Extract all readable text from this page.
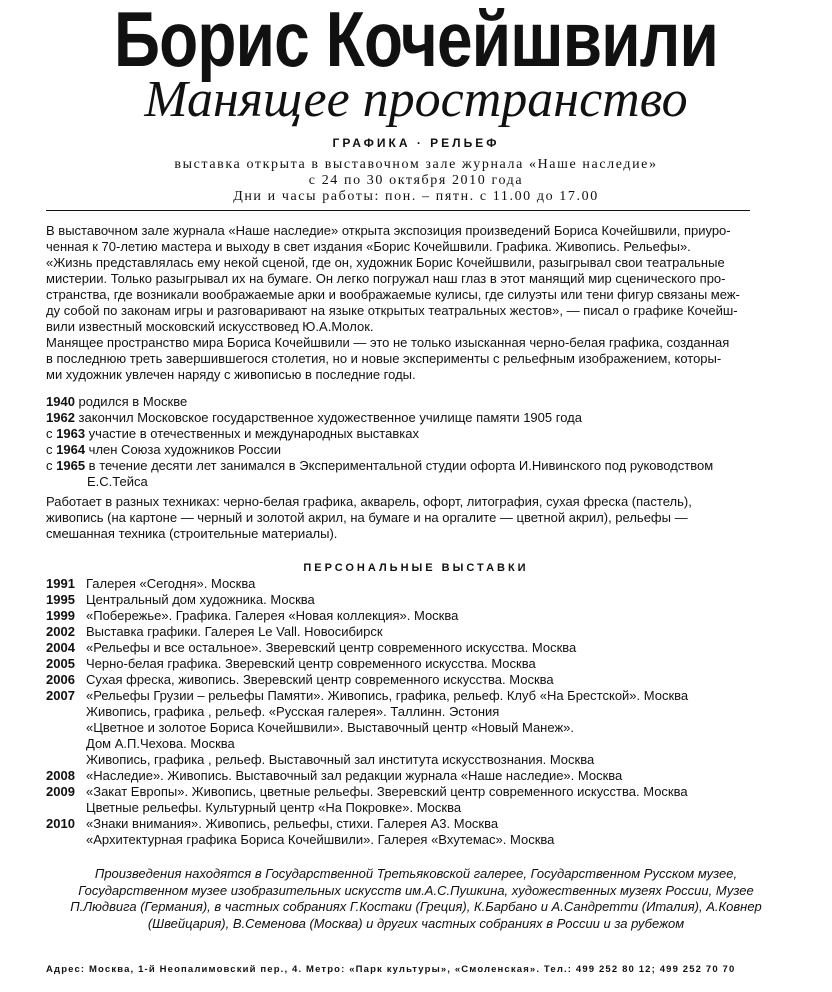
Борис Кочейшвили
Манящее пространство
ГРАФИКА · РЕЛЬЕФ
выставка открыта в выставочном зале журнала «Наше наследие»
с 24 по 30 октября 2010 года
Дни и часы работы: пон. – пятн. с 11.00 до 17.00
В выставочном зале журнала «Наше наследие» открыта экспозиция произведений Бориса Кочейшвили, приуро-
ченная к 70-летию мастера и выходу в свет издания «Борис Кочейшвили. Графика. Живопись. Рельефы».
«Жизнь представлялась ему некой сценой, где он, художник Борис Кочейшвили, разыгрывал свои театральные
мистерии. Только разыгрывал их на бумаге. Он легко погружал наш глаз в этот манящий мир сценического про-
странства, где возникали воображаемые арки и воображаемые кулисы, где силуэты или тени фигур связаны меж-
ду собой по законам игры и разговаривают на языке открытых театральных жестов», — писал о графике Кочейш-
вили известный московский искусствовед Ю.А.Молок.
Манящее пространство мира Бориса Кочейшвили — это не только изысканная черно-белая графика, созданная
в последнюю треть завершившегося столетия, но и новые эксперименты с рельефным изображением, которы-
ми художник увлечен наряду с живописью в последние годы.
1940 родился в Москве
1962 закончил Московское государственное художественное училище памяти 1905 года
с 1963 участие в отечественных и международных выставках
с 1964 член Союза художников России
с 1965 в течение десяти лет занимался в Экспериментальной студии офорта И.Нивинского под руководством
Е.С.Тейса
Работает в разных техниках: черно-белая графика, акварель, офорт, литография, сухая фреска (пастель),
живопись (на картоне — черный и золотой акрил, на бумаге и на оргалите — цветной акрил), рельефы —
смешанная техника (строительные материалы).
ПЕРСОНАЛЬНЫЕ ВЫСТАВКИ
1991 Галерея «Сегодня». Москва
1995 Центральный дом художника. Москва
1999 «Побережье». Графика. Галерея «Новая коллекция». Москва
2002 Выставка графики. Галерея Le Vall. Новосибирск
2004 «Рельефы и все остальное». Зверевский центр современного искусства. Москва
2005 Черно-белая графика. Зверевский центр современного искусства. Москва
2006 Сухая фреска, живопись. Зверевский центр современного искусства. Москва
2007 «Рельефы Грузии – рельефы Памяти». Живопись, графика, рельеф. Клуб «На Брестской». Москва
Живопись, графика , рельеф. «Русская галерея». Таллинн. Эстония
«Цветное и золотое Бориса Кочейшвили». Выставочный центр «Новый Манеж».
Дом А.П.Чехова. Москва
Живопись, графика , рельеф. Выставочный зал института искусствознания. Москва
2008 «Наследие». Живопись. Выставочный зал редакции журнала «Наше наследие». Москва
2009 «Закат Европы». Живопись, цветные рельефы. Зверевский центр современного искусства. Москва
Цветные рельефы. Культурный центр «На Покровке». Москва
2010 «Знаки внимания». Живопись, рельефы, стихи. Галерея А3. Москва
«Архитектурная графика Бориса Кочейшвили». Галерея «Вхутемас». Москва
Произведения находятся в Государственной Третьяковской галерее, Государственном Русском музее,
Государственном музее изобразительных искусств им.А.С.Пушкина, художественных музеях России, Музее
П.Людвига (Германия), в частных собраниях Г.Костаки (Греция), К.Барбано и А.Сандретти (Италия), А.Ковнер
(Швейцария), В.Семенова (Москва) и других частных собраниях в России и за рубежом
Адрес: Москва, 1-й Неопалимовский пер., 4. Метро: «Парк культуры», «Смоленская». Тел.: 499 252 80 12; 499 252 70 70
